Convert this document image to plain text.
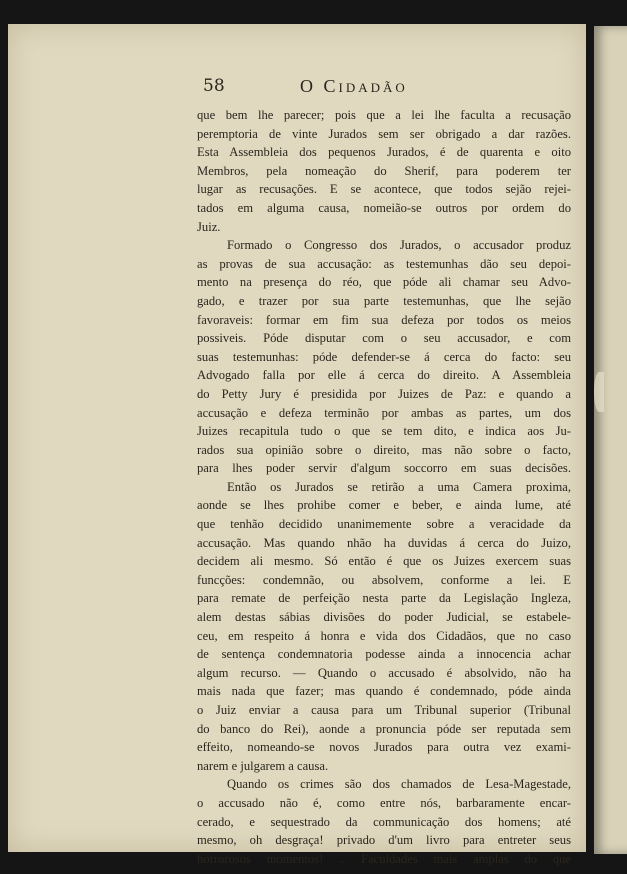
58	O Cidadão
que bem lhe parecer; pois que a lei lhe faculta a recusação
peremptoria de vinte Jurados sem ser obrigado a dar razões.
Esta Assembleia dos pequenos Jurados, é de quarenta e oito
Membros, pela nomeação do Sherif, para poderem ter
lugar as recusações. E se acontece, que todos sejão rejei-
tados em alguma causa, nomeião-se outros por ordem do
Juiz.
Formado o Congresso dos Jurados, o accusador produz
as provas de sua accusação: as testemunhas dão seu depoi-
mento na presença do réo, que póde ali chamar seu Advo-
gado, e trazer por sua parte testemunhas, que lhe sejão
favoraveis: formar em fim sua defeza por todos os meios
possiveis. Póde disputar com o seu accusador, e com
suas testemunhas: póde defender-se á cerca do facto: seu
Advogado falla por elle á cerca do direito. A Assembleia
do Petty Jury é presidida por Juizes de Paz: e quando a
accusação e defeza terminão por ambas as partes, um dos
Juizes recapitula tudo o que se tem dito, e indica aos Ju-
rados sua opinião sobre o direito, mas não sobre o facto,
para lhes poder servir d'algum soccorro em suas decisões.
Então os Jurados se retirão a uma Camera proxima,
aonde se lhes prohibe comer e beber, e ainda lume, até
que tenhão decidido unanimemente sobre a veracidade da
accusação. Mas quando nhão ha duvidas á cerca do Juizo,
decidem ali mesmo. Só então é que os Juizes exercem suas
funcções: condemnão, ou absolvem, conforme a lei. E
para remate de perfeição nesta parte da Legislação Ingleza,
alem destas sábias divisões do poder Judicial, se estabele-
ceu, em respeito á honra e vida dos Cidadãos, que no caso
de sentença condemnatoria podesse ainda a innocencia achar
algum recurso. — Quando o accusado é absolvido, não ha
mais nada que fazer; mas quando é condemnado, póde ainda
o Juiz enviar a causa para um Tribunal superior (Tribunal
do banco do Rei), aonde a pronuncia póde ser reputada sem
effeito, nomeando-se novos Jurados para outra vez exami-
narem e julgarem a causa.
Quando os crimes são dos chamados de Lesa-Magestade,
o accusado não é, como entre nós, barbaramente encar-
cerado, e sequestrado da communicação dos homens; até
mesmo, oh desgraça! privado d'um livro para entreter seus
horrorosos momentos! .. Faculdades mais amplas do que
